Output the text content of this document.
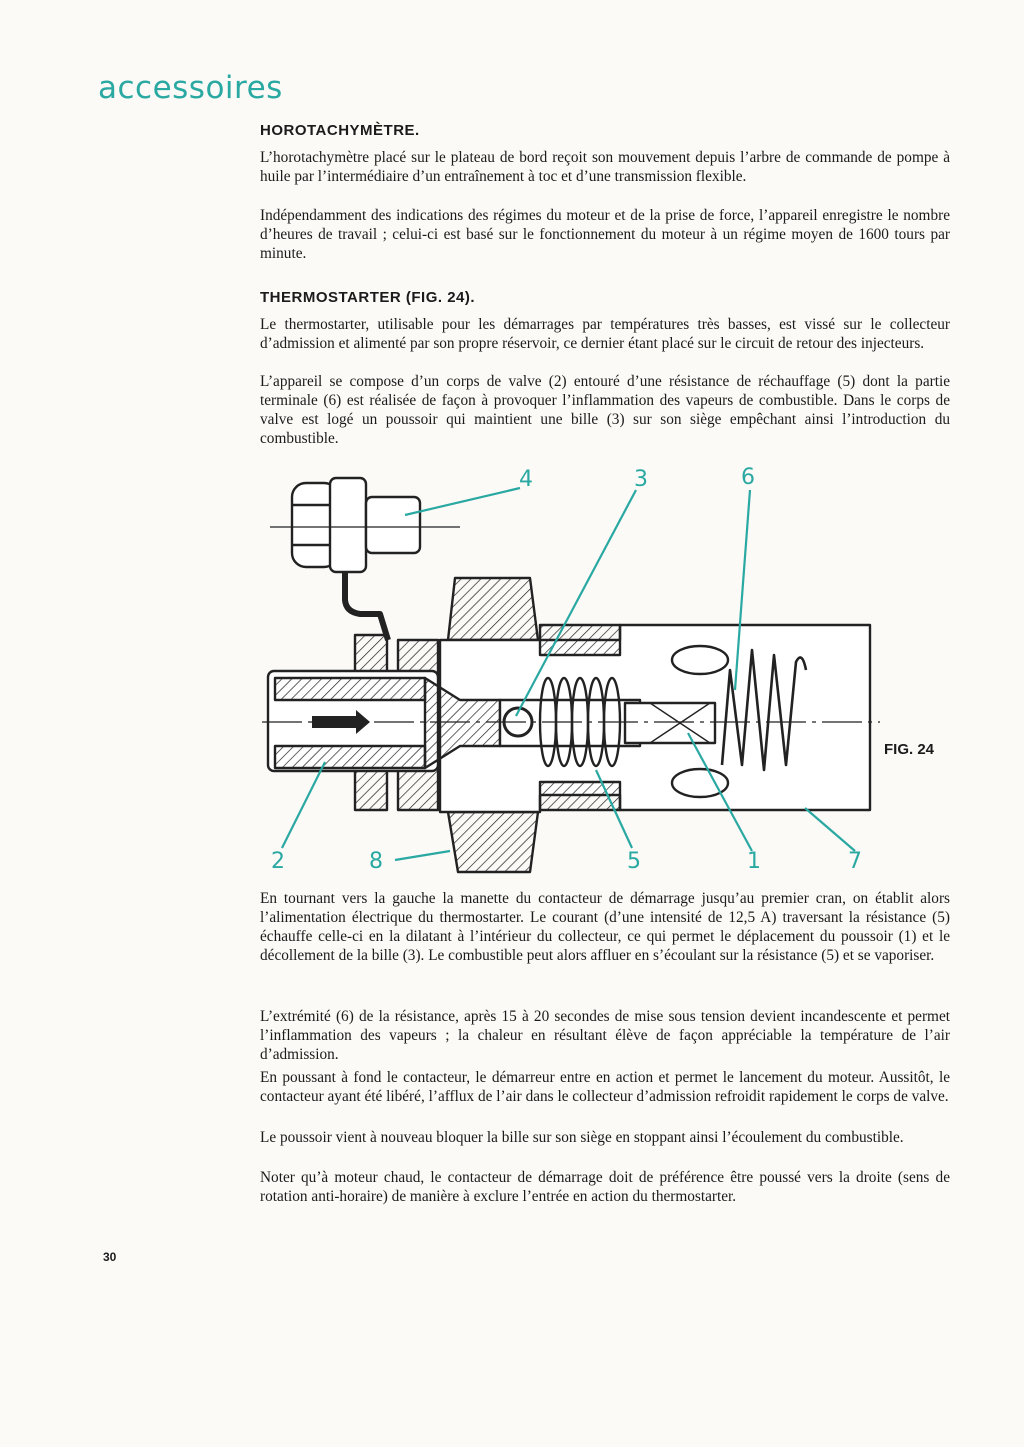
accessoires
HOROTACHYMÈTRE.

L’horotachymètre placé sur le plateau de bord reçoit son mouvement depuis l’arbre de commande de pompe à huile par l’intermédiaire d’un entraînement à toc et d’une transmission flexible.

Indépendamment des indications des régimes du moteur et de la prise de force, l’appareil enregistre le nombre d’heures de travail ; celui-ci est basé sur le fonctionnement du moteur à un régime moyen de 1600 tours par minute.

THERMOSTARTER (FIG. 24).

Le thermostarter, utilisable pour les démarrages par températures très basses, est vissé sur le collecteur d’admission et alimenté par son propre réservoir, ce dernier étant placé sur le circuit de retour des injecteurs.

L’appareil se compose d’un corps de valve (2) entouré d’une résistance de réchauffage (5) dont la partie terminale (6) est réalisée de façon à provoquer l’inflammation des vapeurs de combustible. Dans le corps de valve est logé un poussoir qui maintient une bille (3) sur son siège empêchant ainsi l’introduction du combustible.

4	3	6
2	8	5	1	7
FIG. 24

En tournant vers la gauche la manette du contacteur de démarrage jusqu’au premier cran, on établit alors l’alimentation électrique du thermostarter. Le courant (d’une intensité de 12,5 A) traversant la résistance (5) échauffe celle-ci en la dilatant à l’intérieur du collecteur, ce qui permet le déplacement du poussoir (1) et le décollement de la bille (3). Le combustible peut alors affluer en s’écoulant sur la résistance (5) et se vaporiser.

L’extrémité (6) de la résistance, après 15 à 20 secondes de mise sous tension devient incandescente et permet l’inflammation des vapeurs ; la chaleur en résultant élève de façon appréciable la température de l’air d’admission.

En poussant à fond le contacteur, le démarreur entre en action et permet le lancement du moteur. Aussitôt, le contacteur ayant été libéré, l’afflux de l’air dans le collecteur d’admission refroidit rapidement le corps de valve.

Le poussoir vient à nouveau bloquer la bille sur son siège en stoppant ainsi l’écoulement du combustible.

Noter qu’à moteur chaud, le contacteur de démarrage doit de préférence être poussé vers la droite (sens de rotation anti-horaire) de manière à exclure l’entrée en action du thermostarter.

30
